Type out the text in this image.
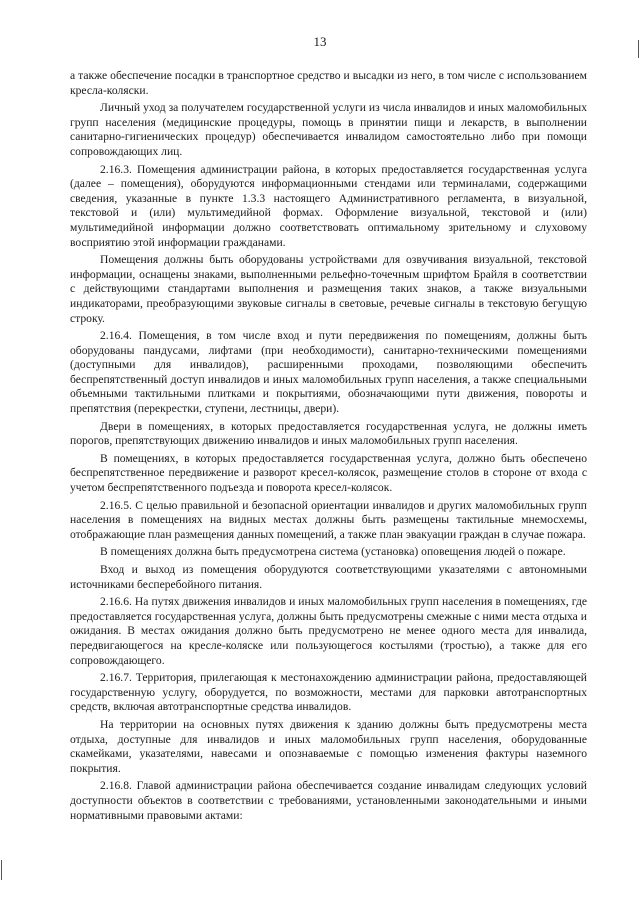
13

а также обеспечение посадки в транспортное средство и высадки из него, в том числе с использованием кресла-коляски.

Личный уход за получателем государственной услуги из числа инвалидов и иных маломобильных групп населения (медицинские процедуры, помощь в принятии пищи и лекарств, в выполнении санитарно-гигиенических процедур) обеспечивается инвалидом самостоятельно либо при помощи сопровождающих лиц.

2.16.3. Помещения администрации района, в которых предоставляется государственная услуга (далее – помещения), оборудуются информационными стендами или терминалами, содержащими сведения, указанные в пункте 1.3.3 настоящего Административного регламента, в визуальной, текстовой и (или) мультимедийной формах. Оформление визуальной, текстовой и (или) мультимедийной информации должно соответствовать оптимальному зрительному и слуховому восприятию этой информации гражданами.

Помещения должны быть оборудованы устройствами для озвучивания визуальной, текстовой информации, оснащены знаками, выполненными рельефно-точечным шрифтом Брайля в соответствии с действующими стандартами выполнения и размещения таких знаков, а также визуальными индикаторами, преобразующими звуковые сигналы в световые, речевые сигналы в текстовую бегущую строку.

2.16.4. Помещения, в том числе вход и пути передвижения по помещениям, должны быть оборудованы пандусами, лифтами (при необходимости), санитарно-техническими помещениями (доступными для инвалидов), расширенными проходами, позволяющими обеспечить беспрепятственный доступ инвалидов и иных маломобильных групп населения, а также специальными объемными тактильными плитками и покрытиями, обозначающими пути движения, повороты и препятствия (перекрестки, ступени, лестницы, двери).

Двери в помещениях, в которых предоставляется государственная услуга, не должны иметь порогов, препятствующих движению инвалидов и иных маломобильных групп населения.

В помещениях, в которых предоставляется государственная услуга, должно быть обеспечено беспрепятственное передвижение и разворот кресел-колясок, размещение столов в стороне от входа с учетом беспрепятственного подъезда и поворота кресел-колясок.

2.16.5. С целью правильной и безопасной ориентации инвалидов и других маломобильных групп населения в помещениях на видных местах должны быть размещены тактильные мнемосхемы, отображающие план размещения данных помещений, а также план эвакуации граждан в случае пожара.

В помещениях должна быть предусмотрена система (установка) оповещения людей о пожаре.

Вход и выход из помещения оборудуются соответствующими указателями с автономными источниками бесперебойного питания.

2.16.6. На путях движения инвалидов и иных маломобильных групп населения в помещениях, где предоставляется государственная услуга, должны быть предусмотрены смежные с ними места отдыха и ожидания. В местах ожидания должно быть предусмотрено не менее одного места для инвалида, передвигающегося на кресле-коляске или пользующегося костылями (тростью), а также для его сопровождающего.

2.16.7. Территория, прилегающая к местонахождению администрации района, предоставляющей государственную услугу, оборудуется, по возможности, местами для парковки автотранспортных средств, включая автотранспортные средства инвалидов.

На территории на основных путях движения к зданию должны быть предусмотрены места отдыха, доступные для инвалидов и иных маломобильных групп населения, оборудованные скамейками, указателями, навесами и опознаваемые с помощью изменения фактуры наземного покрытия.

2.16.8. Главой администрации района обеспечивается создание инвалидам следующих условий доступности объектов в соответствии с требованиями, установленными законодательными и иными нормативными правовыми актами:
